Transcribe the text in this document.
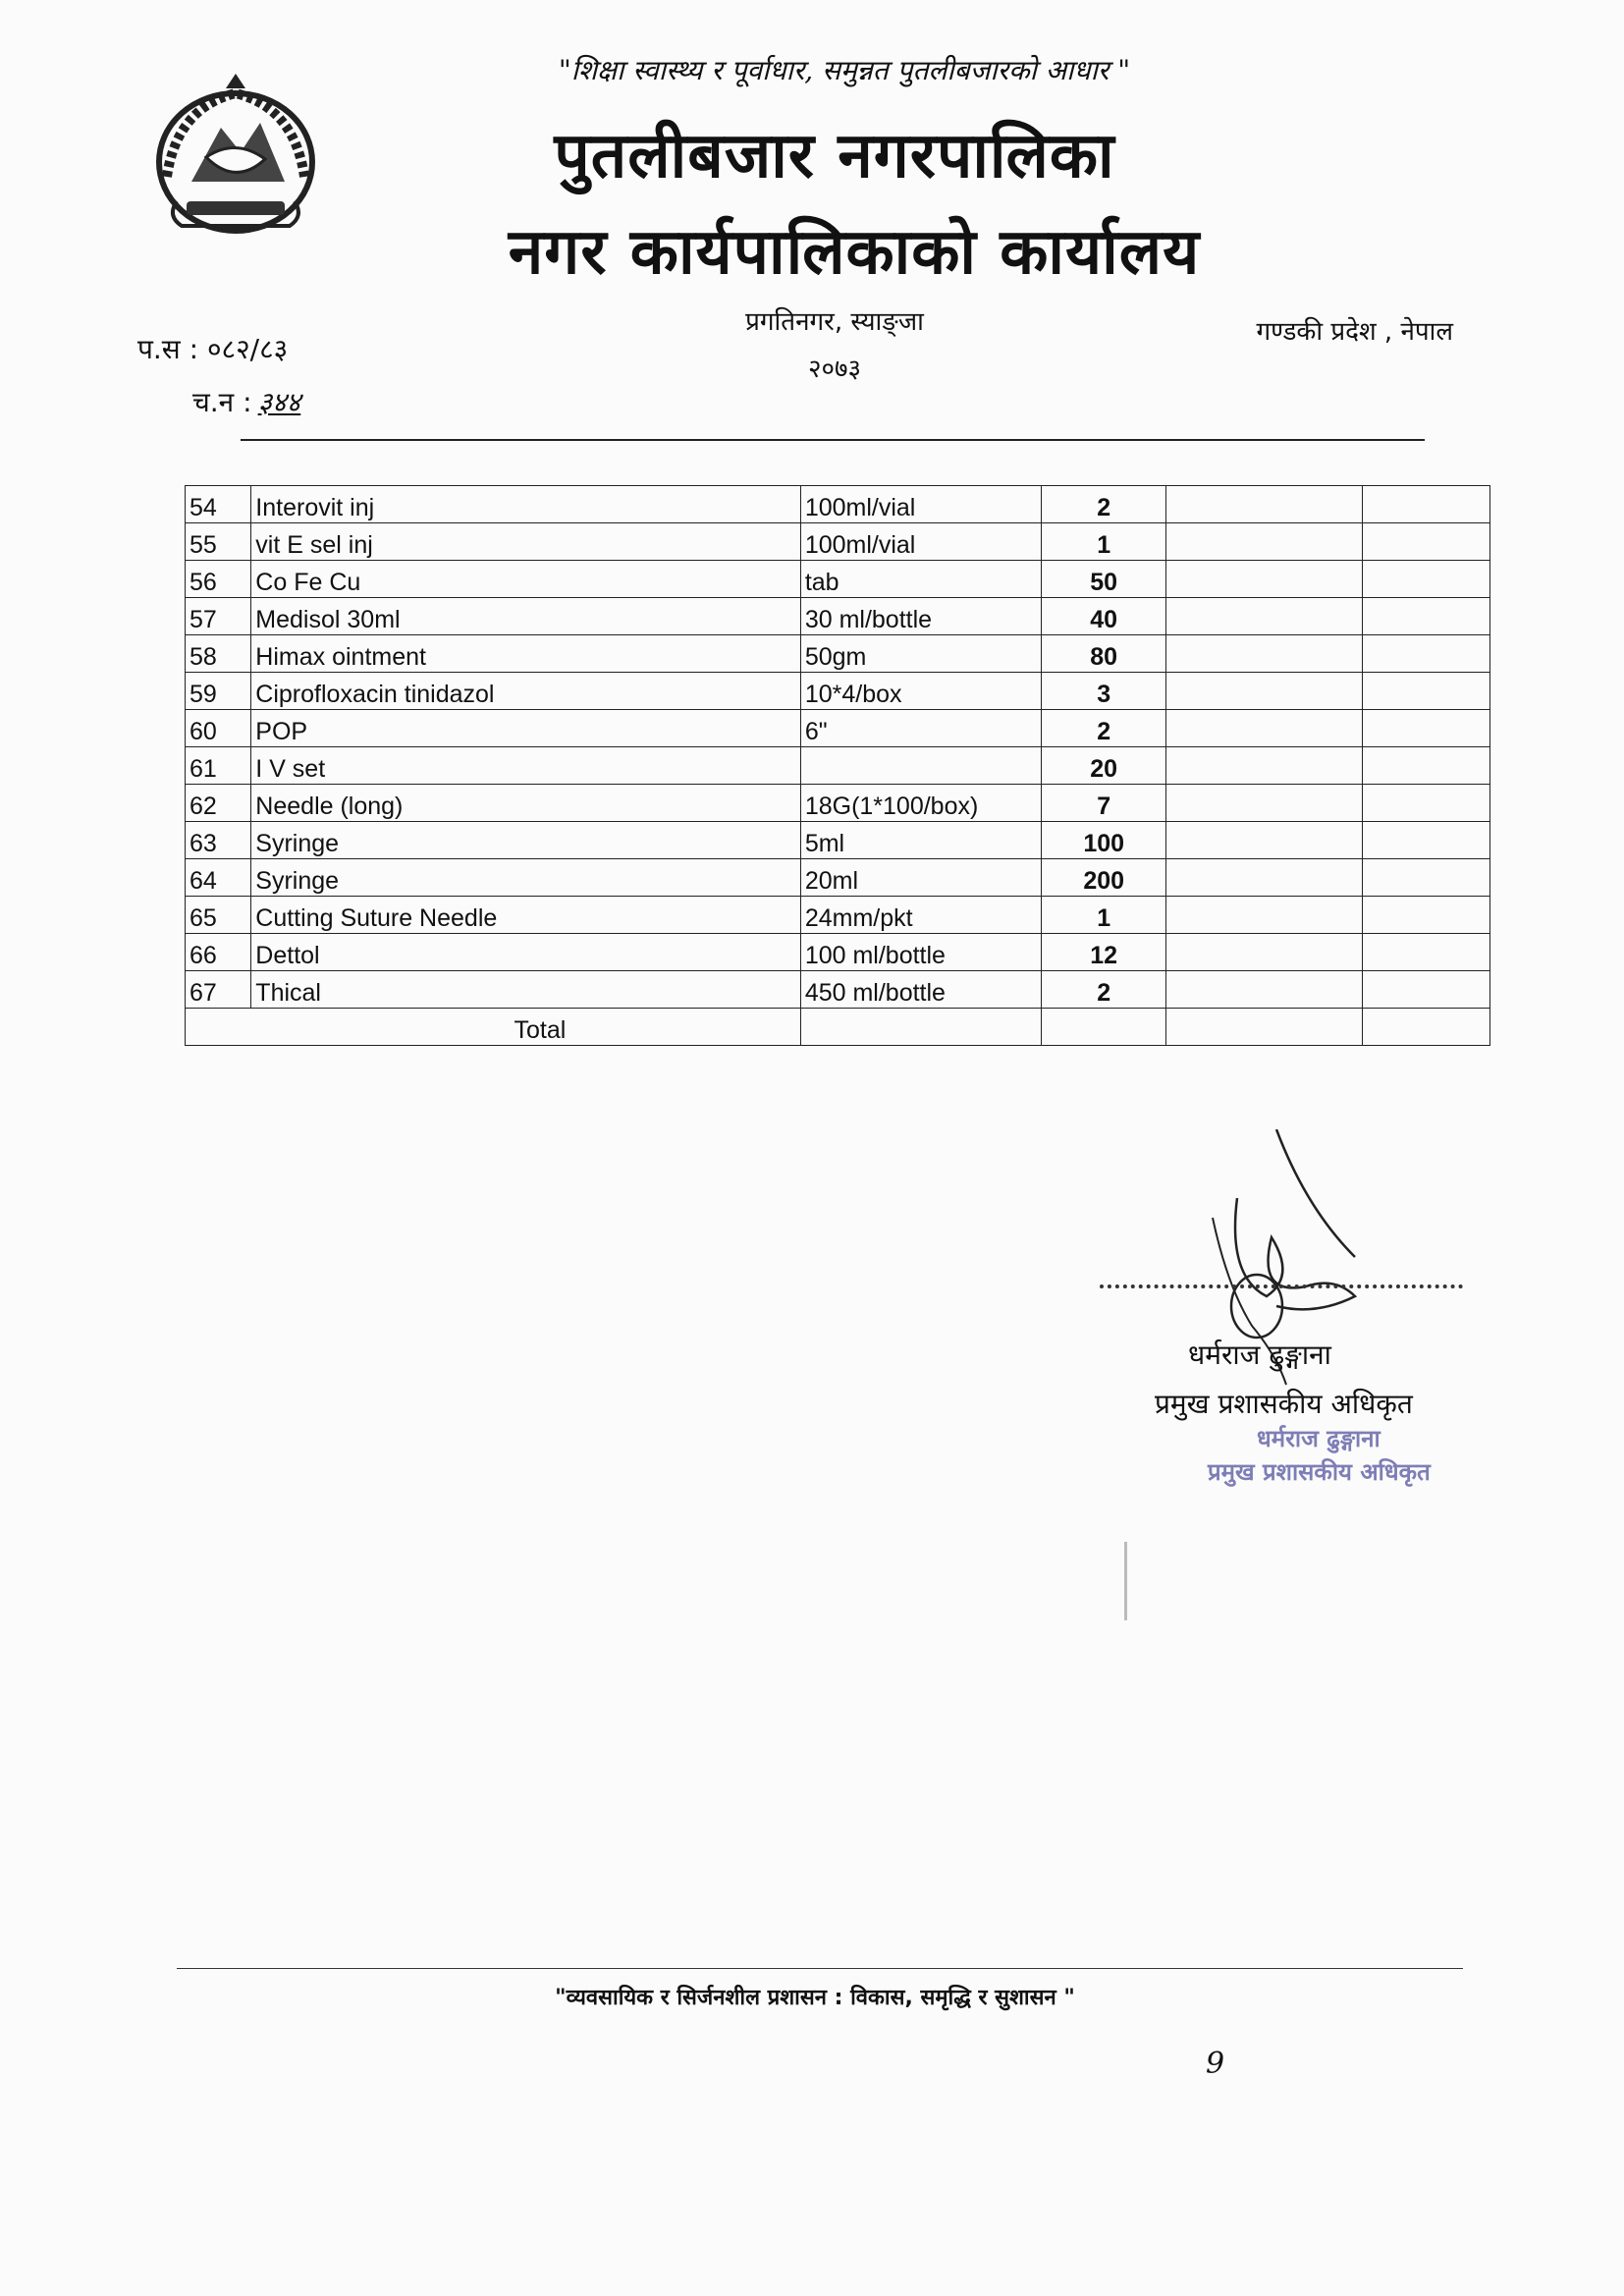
"शिक्षा स्वास्थ्य र पूर्वाधार, समुन्नत पुतलीबजारको आधार "
पुतलीबजार नगरपालिका
नगर कार्यपालिकाको कार्यालय
प्रगतिनगर, स्याङ्जा
२०७३
गण्डकी प्रदेश , नेपाल
प.स : ०८२/८३
च.न : ३४४
54	Interovit inj	100ml/vial	2		
55	vit E sel inj	100ml/vial	1		
56	Co Fe Cu	tab	50		
57	Medisol 30ml	30 ml/bottle	40		
58	Himax ointment	50gm	80		
59	Ciprofloxacin tinidazol	10*4/box	3		
60	POP	6"	2		
61	I V set		20		
62	Needle (long)	18G(1*100/box)	7		
63	Syringe	5ml	100		
64	Syringe	20ml	200		
65	Cutting Suture Needle	24mm/pkt	1		
66	Dettol	100 ml/bottle	12		
67	Thical	450 ml/bottle	2		
Total					
धर्मराज ढुङ्गाना
प्रमुख प्रशासकीय अधिकृत
धर्मराज ढुङ्गाना
प्रमुख प्रशासकीय अधिकृत
"व्यवसायिक र सिर्जनशील प्रशासन : विकास, समृद्धि र सुशासन "
9
